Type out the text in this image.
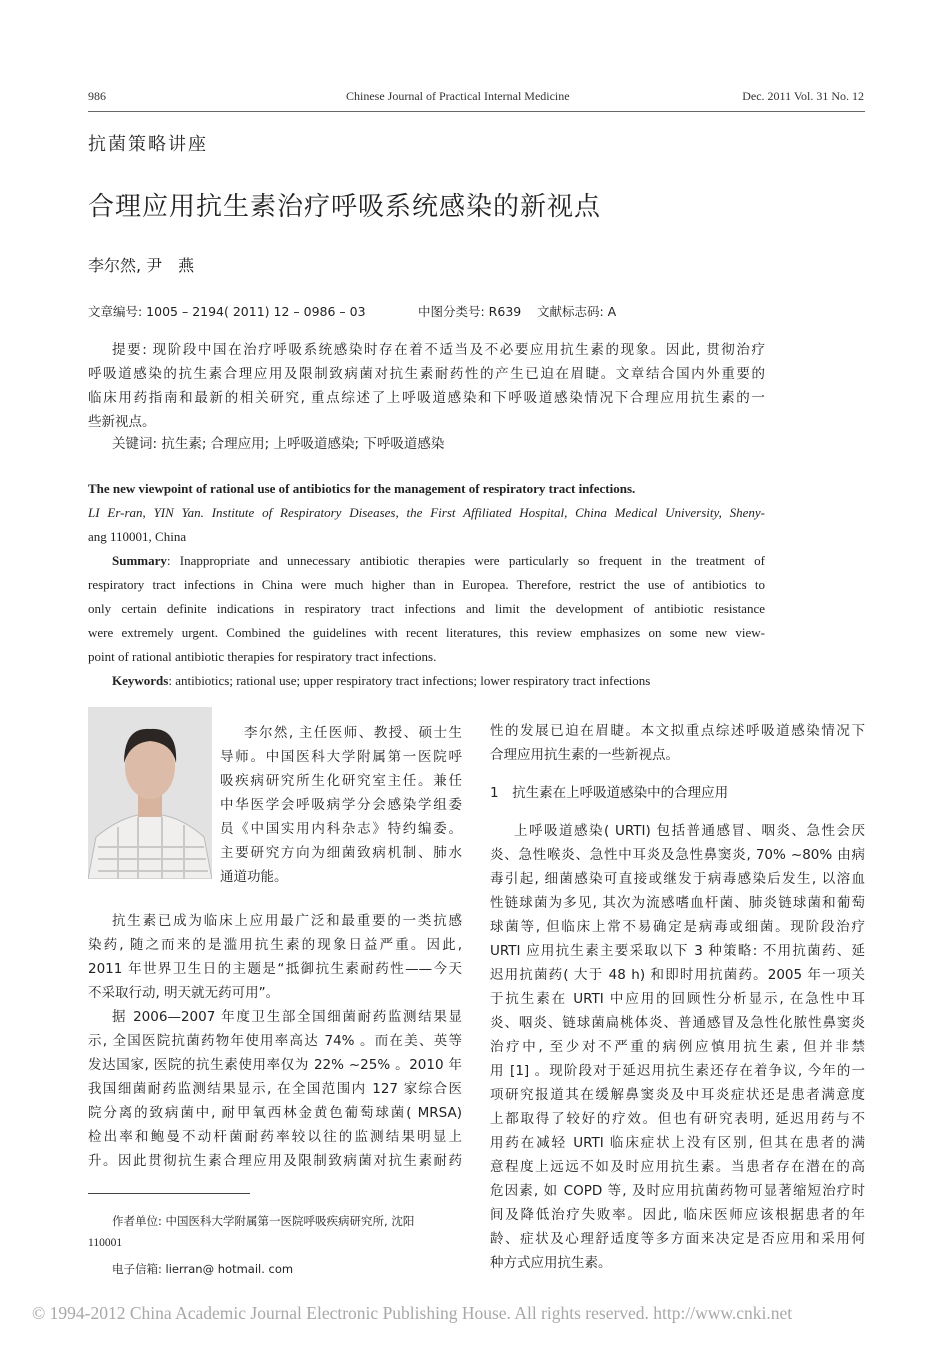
986	Chinese Journal of Practical Internal Medicine	Dec. 2011 Vol. 31 No. 12
抗菌策略讲座
合理应用抗生素治疗呼吸系统感染的新视点
李尔然, 尹　燕
文章编号: 1005 – 2194( 2011) 12 – 0986 – 03	中图分类号: R639 文献标志码: A
提要: 现阶段中国在治疗呼吸系统感染时存在着不适当及不必要应用抗生素的现象。因此, 贯彻治疗
呼吸道感染的抗生素合理应用及限制致病菌对抗生素耐药性的产生已迫在眉睫。文章结合国内外重要的
临床用药指南和最新的相关研究, 重点综述了上呼吸道感染和下呼吸道感染情况下合理应用抗生素的一
些新视点。
关键词: 抗生素; 合理应用; 上呼吸道感染; 下呼吸道感染
The new viewpoint of rational use of antibiotics for the management of respiratory tract infections.
LI Er-ran, YIN Yan. Institute of Respiratory Diseases, the First Affiliated Hospital, China Medical University, Sheny-
ang 110001, China
Summary: Inappropriate and unnecessary antibiotic therapies were particularly so frequent in the treatment of
respiratory tract infections in China were much higher than in Europea. Therefore, restrict the use of antibiotics to
only certain definite indications in respiratory tract infections and limit the development of antibiotic resistance
were extremely urgent. Combined the guidelines with recent literatures, this review emphasizes on some new view-
point of rational antibiotic therapies for respiratory tract infections.
Keywords: antibiotics; rational use; upper respiratory tract infections; lower respiratory tract infections
李尔然, 主任医师、教授、硕士生
导师。中国医科大学附属第一医院呼
吸疾病研究所生化研究室主任。兼任
中华医学会呼吸病学分会感染学组委
员《中国实用内科杂志》特约编委。
主要研究方向为细菌致病机制、肺水
通道功能。
抗生素已成为临床上应用最广泛和最重要的一类抗感
染药, 随之而来的是滥用抗生素的现象日益严重。因此,
2011 年世界卫生日的主题是“抵御抗生素耐药性——今天
不采取行动, 明天就无药可用”。
据 2006—2007 年度卫生部全国细菌耐药监测结果显
示, 全国医院抗菌药物年使用率高达 74% 。而在美、英等
发达国家, 医院的抗生素使用率仅为 22% ~25% 。2010 年
我国细菌耐药监测结果显示, 在全国范围内 127 家综合医
院分离的致病菌中, 耐甲氧西林金黄色葡萄球菌( MRSA)
检出率和鲍曼不动杆菌耐药率较以往的监测结果明显上
升。因此贯彻抗生素合理应用及限制致病菌对抗生素耐药
作者单位: 中国医科大学附属第一医院呼吸疾病研究所, 沈阳
110001
电子信箱: lierran@ hotmail. com
性的发展已迫在眉睫。本文拟重点综述呼吸道感染情况下
合理应用抗生素的一些新视点。
1　抗生素在上呼吸道感染中的合理应用
上呼吸道感染( URTI) 包括普通感冒、咽炎、急性会厌
炎、急性喉炎、急性中耳炎及急性鼻窦炎, 70% ~80% 由病
毒引起, 细菌感染可直接或继发于病毒感染后发生, 以溶血
性链球菌为多见, 其次为流感嗜血杆菌、肺炎链球菌和葡萄
球菌等, 但临床上常不易确定是病毒或细菌。现阶段治疗
URTI 应用抗生素主要采取以下 3 种策略: 不用抗菌药、延
迟用抗菌药( 大于 48 h) 和即时用抗菌药。2005 年一项关
于抗生素在 URTI 中应用的回顾性分析显示, 在急性中耳
炎、咽炎、链球菌扁桃体炎、普通感冒及急性化脓性鼻窦炎
治疗中, 至少对不严重的病例应慎用抗生素, 但并非禁
用 [1] 。现阶段对于延迟用抗生素还存在着争议, 今年的一
项研究报道其在缓解鼻窦炎及中耳炎症状还是患者满意度
上都取得了较好的疗效。但也有研究表明, 延迟用药与不
用药在减轻 URTI 临床症状上没有区别, 但其在患者的满
意程度上远远不如及时应用抗生素。当患者存在潜在的高
危因素, 如 COPD 等, 及时应用抗菌药物可显著缩短治疗时
间及降低治疗失败率。因此, 临床医师应该根据患者的年
龄、症状及心理舒适度等多方面来决定是否应用和采用何
种方式应用抗生素。
© 1994-2012 China Academic Journal Electronic Publishing House. All rights reserved. http://www.cnki.net
